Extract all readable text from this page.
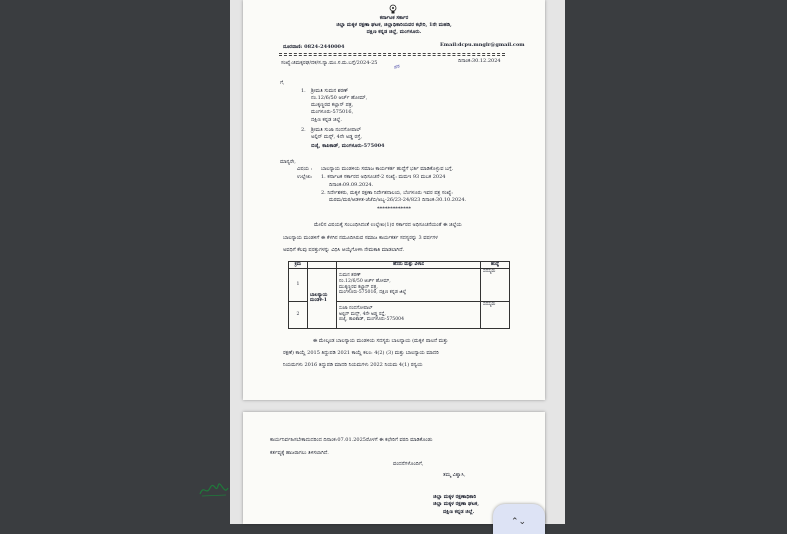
ಕರ್ನಾಟಕ ಸರ್ಕಾರ
ಜಿಲ್ಲಾ ಮಕ್ಕಳ ರಕ್ಷಣಾ ಘಟಕ, ಜಿಲ್ಲಾಧಿಕಾರಿಯವರ ಕಛೇರಿ, 1ನೇ ಮಹಡಿ,
ದಕ್ಷಿಣ ಕನ್ನಡ ಜಿಲ್ಲೆ, ಮಂಗಳೂರು.
ದೂರವಾಣಿ: 0824-2440004	Email:dcpu.mnglr@gmail.com
ಸಂಖ್ಯೆ:ಜಿಮಕ್ಕರಘ/ದಕ/ಸ.ನ್ಯಾ.ಮಂ.ಸ.ಮ.ಬಗ್ಗೆ/2024-25
ಪಠ
ದಿನಾಂಕ:30.12.2024
ಗೆ,
1. ಶ್ರೀಮತಿ ಸುಮನ ಶರಣ್
ನಂ.12/6/50 ಆರ್ಚ್ ಹೋಮ್,
ಮುಕ್ಕಣ್ಣರವ ಕಲ್ಲಾನ್ ಪತ್ರ,
ಮಂಗಳೂರು-575016,
ದಕ್ಷಿಣ ಕನ್ನಡ ಜಿಲ್ಲೆ.
2. ಶ್ರೀಮತಿ ಸುಜಾ ನಂದಗೋಪಾಲ್
ಅಲ್ಪಿನ್ ಮನ್ಸ್, 4ನೇ ಅಡ್ಡ ರಸ್ತೆ,
ಬಿಜೈ, ಕಾಪಿಕಾಡ್, ಮಂಗಳೂರು-575004
ಮಾನ್ಯರೇ,
ವಿಷಯ : ಬಾಲನ್ಯಾಯ ಮಂಡಳಿಯ ಸಮಾಜ ಕಾರ್ಯಕರ್ತ ಹುದ್ದೆಗೆ ಭರ್ತಿ ಮಾಡಿಕೊಳ್ಳುವ ಬಗ್ಗೆ.
ಉಲ್ಲೇಖ: 1. ಕರ್ನಾಟಕ ಸರ್ಕಾರದ ಅಧಿಸೂಚನೆ-2 ಸಂಖ್ಯೆ: ಮಮಇ 93 ಮಬಕ 2024
ದಿನಾಂಕ:09.09.2024.
2. ನಿರ್ದೇಶಕರು, ಮಕ್ಕಳ ರಕ್ಷಣಾ ನಿರ್ದೇಶನಾಲಯ, ಬೆಂಗಳೂರು ಇವರ ಪತ್ರ ಸಂಖ್ಯೆ:
ಮರಮ/ಮಠ/ಆಡಳಿತ-ಜೆಜೆಬಿ/ಅಬ್ಯ-26/23-24/823 ದಿನಾಂಕ:30.10.2024.
*************
ಮೇಲಿನ ವಿಷಯಕ್ಕೆ ಸಂಬಂಧಿಸಿದಂತೆ ಉಲ್ಲೇಖ(1)ರ ಸರ್ಕಾರದ ಅಧಿಸೂಚನೆಯಂತೆ ಈ ಜಿಲ್ಲೆಯ
ಬಾಲನ್ಯಾಯ ಮಂಡಳಿಗೆ ಈ ಕೆಳಗಿನ ನಮೂದಿಸಿರುವ ಸಮಾಜ ಕಾರ್ಯಕರ್ತ ಸದಸ್ಯರನ್ನು 3 ವರ್ಷಗಳ
ಅವಧಿಗೆ ಕೆಲವು ಷರತ್ತುಗಳನ್ನು ವಿಧಿಸಿ ಆಯ್ಕೆಗೊಳಿಸಿ ನೇಮಕಾತಿ ಮಾಡಲಾಗಿದೆ.
ಕ್ರಮ		ಹೆಸರು ಮತ್ತು ವಿಳಾಸ	ಹುದ್ದೆ
1	ಬಾಲನ್ಯಾಯ ಮಂಡಳಿ-1	ಸುಮನ ಶರಣ್
ನಂ.12/6/50 ಆರ್ಚ್ ಹೋಮ್,
ಮುಕ್ಕಣ್ಣರವ ಕಲ್ಲಾನ್ ಪತ್ರ,
ಮಂಗಳೂರು-575016, ದಕ್ಷಿಣ ಕನ್ನಡ ಜಿಲ್ಲೆ	ಸದಸ್ಯರು
2		ಸುಜಾ ನಂದಗೋಪಾಲ್
ಅಲ್ಪಿನ್ ಮನ್ಸ್, 4ನೇ ಅಡ್ಡ ರಸ್ತೆ,
ಬಿಜೈ, ಕಾಪಿಕಾಡ್, ಮಂಗಳೂರು-575004	ಸದಸ್ಯರು
ಈ ಮೇಲ್ಕಂಡ ಬಾಲನ್ಯಾಯ ಮಂಡಳಿಯ ಸದಸ್ಯರು ಬಾಲನ್ಯಾಯ (ಮಕ್ಕಳ ಪಾಲನೆ ಮತ್ತು
ರಕ್ಷಣೆ) ಕಾಯ್ದೆ 2015 ತಿದ್ದುಪಡಿ 2021 ಕಾಯ್ದೆ ಕಲಂ: 4(2) (3) ಮತ್ತು ಬಾಲನ್ಯಾಯ ಮಾದರಿ
ನಿಯಮಗಳು 2016 ತಿದ್ದುಪಡಿ ಮಾದರಿ ನಿಯಮಗಳು 2022 ನಿಯಮ 4(1) ರನ್ವಯ
ಕಾರ್ಯನಿರ್ವಹಿಸಬೇಕಾದುದರಿಂದ ದಿನಾಂಕ:07.01.2025ರೊಳಗೆ ಈ ಕಛೇರಿಗೆ ವರದಿ ಮಾಡಿಕೊಂಡು
ಕರ್ತವ್ಯಕ್ಕೆ ಹಾಜರಾಗಲು ತಿಳಿಸಲಾಗಿದೆ.
ವಂದನೆಗಳೊಂದಿಗೆ,
ತಮ್ಮ ವಿಶ್ವಾಸಿ,
ಜಿಲ್ಲಾ ಮಕ್ಕಳ ರಕ್ಷಣಾಧಿಕಾರಿ
ಜಿಲ್ಲಾ ಮಕ್ಕಳ ರಕ್ಷಣಾ ಘಟಕ,
ದಕ್ಷಿಣ ಕನ್ನಡ ಜಿಲ್ಲೆ.
⌃⌄
